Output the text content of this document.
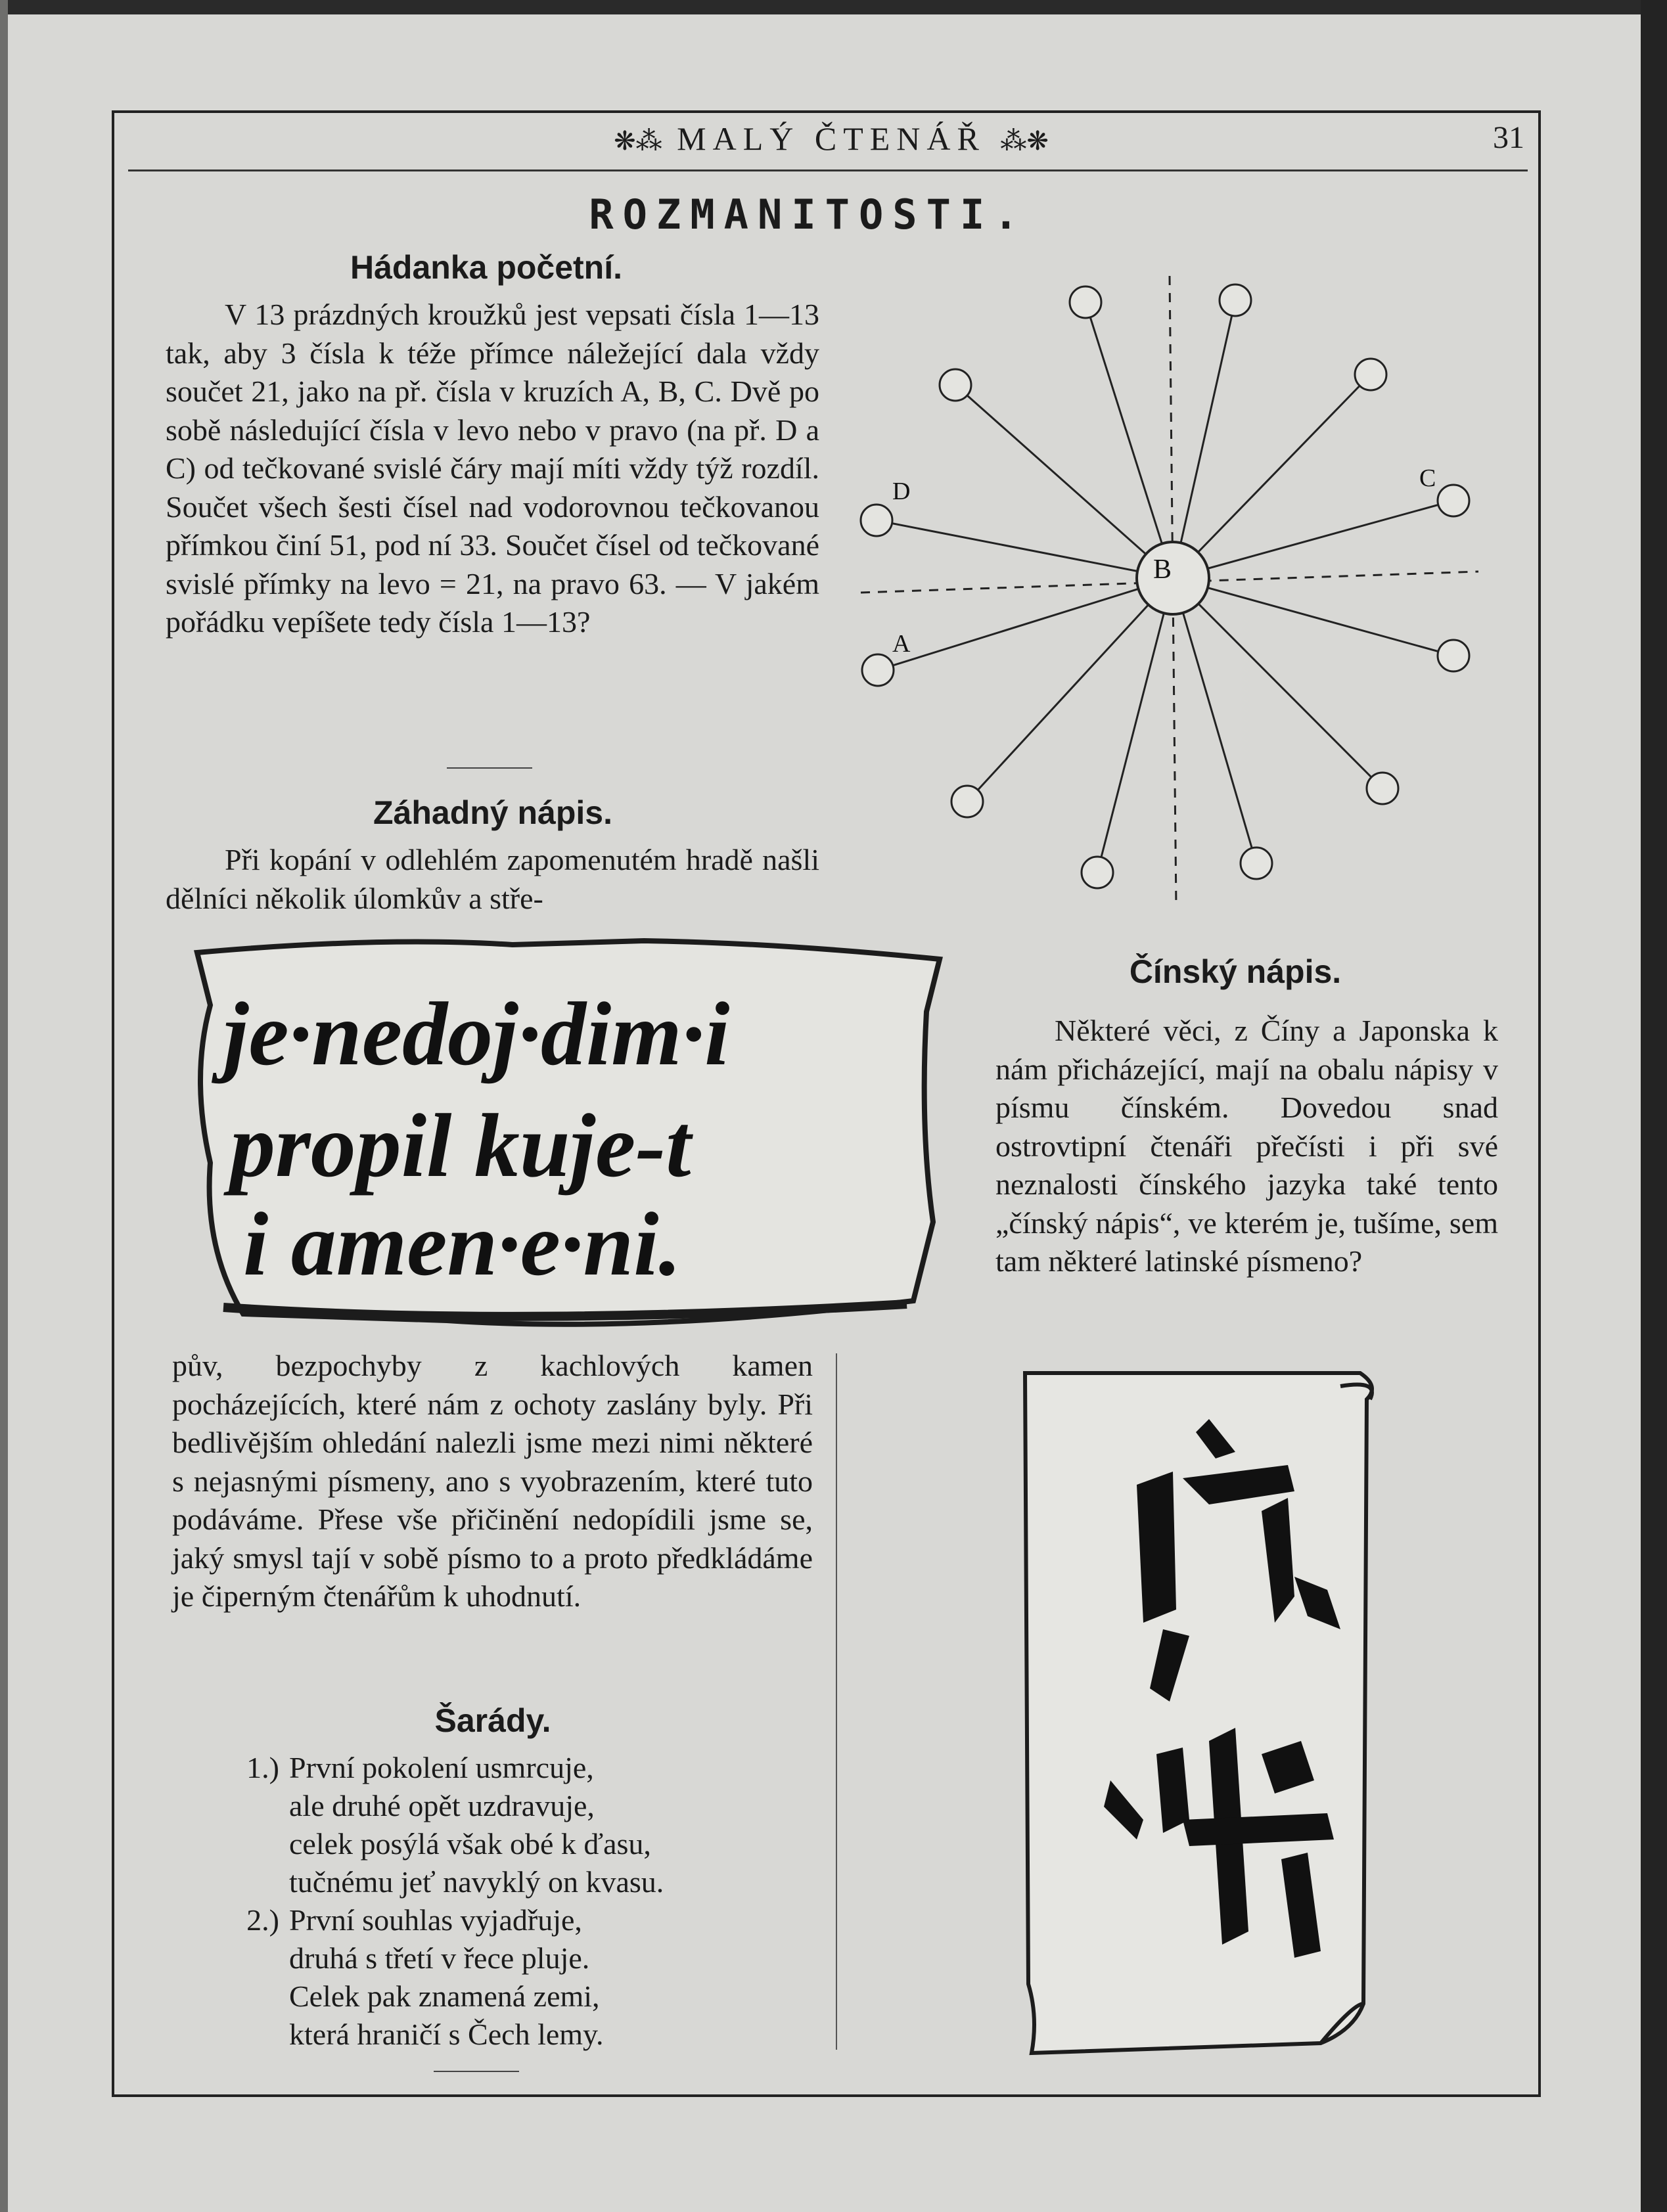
❋⁂ MALÝ ČTENÁŘ ⁂❋	31
ROZMANITOSTI.
Hádanka početní.
V 13 prázdných kroužků jest vepsati čísla 1—13 tak, aby 3 čísla k téže přímce náležející dala vždy součet 21, jako na př. čísla v kruzích A, B, C. Dvě po sobě následující čísla v levo nebo v pravo (na př. D a C) od tečkované svislé čáry mají míti vždy týž rozdíl. Součet všech šesti čísel nad vodorovnou tečkovanou přímkou činí 51, pod ní 33. Součet čísel od tečkované svislé přímky na levo = 21, na pravo 63. — V jakém pořádku vepíšete tedy čísla 1—13?
Záhadný nápis.
Při kopání v odlehlém zapomenutém hradě našli dělníci několik úlomkův a stře-
je·nedoj·dim·i
propil kuje-t
i amen·e·ni.
pův, bezpochyby z kachlových kamen pocházejících, které nám z ochoty zaslány byly. Při bedlivějším ohledání nalezli jsme mezi nimi některé s nejasnými písmeny, ano s vyobrazením, které tuto podáváme. Přese vše přičinění nedopídili jsme se, jaký smysl tají v sobě písmo to a proto předkládáme je čiperným čtenářům k uhodnutí.
Šarády.
1.) První pokolení usmrcuje,
ale druhé opět uzdravuje,
celek posýlá však obé k ďasu,
tučnému jeť navyklý on kvasu.
2.) První souhlas vyjadřuje,
druhá s třetí v řece pluje.
Celek pak znamená zemi,
která hraničí s Čech lemy.
B
D	C
A
Čínský nápis.
Některé věci, z Číny a Japonska k nám přicházející, mají na obalu nápisy v písmu čínském. Dovedou snad ostrovtipní čtenáři přečísti i při své neznalosti čínského jazyka také tento „čínský nápis“, ve kterém je, tušíme, sem tam některé latinské písmeno?
